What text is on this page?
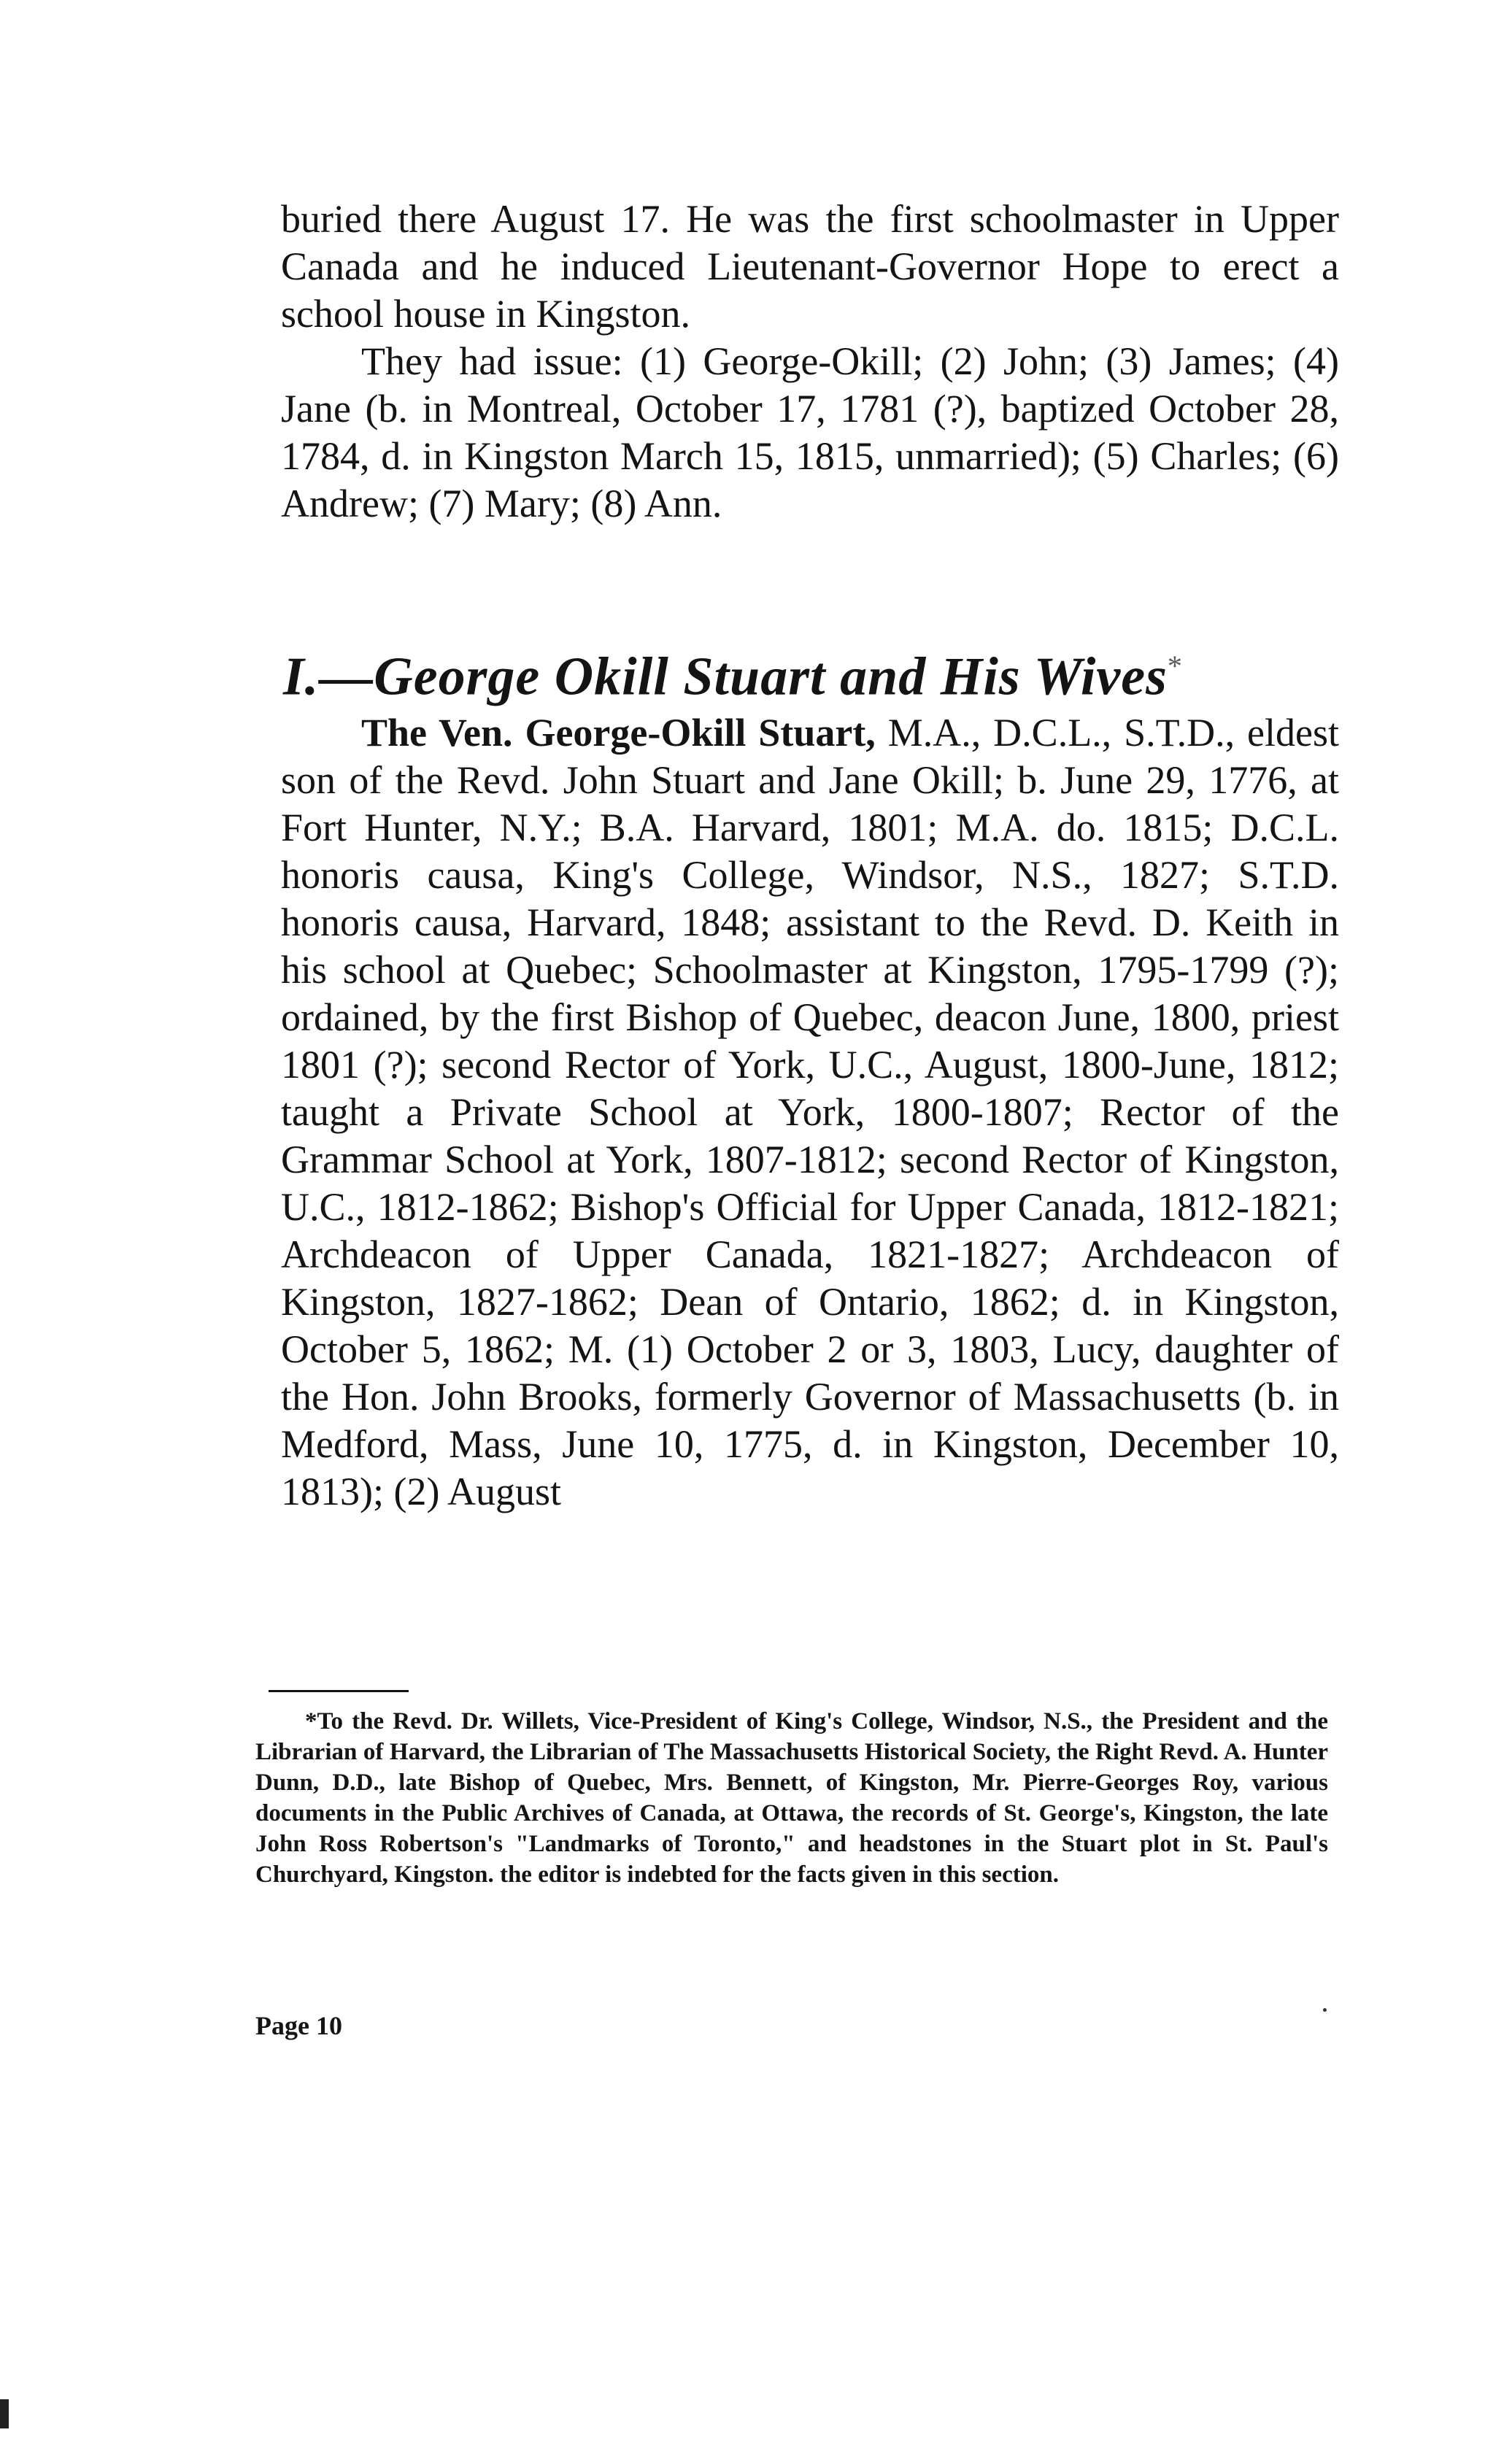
buried there August 17. He was the first schoolmaster in Upper Canada and he induced Lieutenant-Governor Hope to erect a school house in Kingston.

They had issue: (1) George-Okill; (2) John; (3) James; (4) Jane (b. in Montreal, October 17, 1781 (?), baptized October 28, 1784, d. in Kingston March 15, 1815, unmarried); (5) Charles; (6) Andrew; (7) Mary; (8) Ann.

I.—George Okill Stuart and His Wives*

The Ven. George-Okill Stuart, M.A., D.C.L., S.T.D., eldest son of the Revd. John Stuart and Jane Okill; b. June 29, 1776, at Fort Hunter, N.Y.; B.A. Harvard, 1801; M.A. do. 1815; D.C.L. honoris causa, King's College, Windsor, N.S., 1827; S.T.D. honoris causa, Harvard, 1848; assistant to the Revd. D. Keith in his school at Quebec; Schoolmaster at Kingston, 1795-1799 (?); ordained, by the first Bishop of Quebec, deacon June, 1800, priest 1801 (?); second Rector of York, U.C., August, 1800-June, 1812; taught a Private School at York, 1800-1807; Rector of the Grammar School at York, 1807-1812; second Rector of Kingston, U.C., 1812-1862; Bishop's Official for Upper Canada, 1812-1821; Archdeacon of Upper Canada, 1821-1827; Archdeacon of Kingston, 1827-1862; Dean of Ontario, 1862; d. in Kingston, October 5, 1862; M. (1) October 2 or 3, 1803, Lucy, daughter of the Hon. John Brooks, formerly Governor of Massachusetts (b. in Medford, Mass, June 10, 1775, d. in Kingston, December 10, 1813); (2) August

*To the Revd. Dr. Willets, Vice-President of King's College, Windsor, N.S., the President and the Librarian of Harvard, the Librarian of The Massachusetts Historical Society, the Right Revd. A. Hunter Dunn, D.D., late Bishop of Quebec, Mrs. Bennett, of Kingston, Mr. Pierre-Georges Roy, various documents in the Public Archives of Canada, at Ottawa, the records of St. George's, Kingston, the late John Ross Robertson's "Landmarks of Toronto," and headstones in the Stuart plot in St. Paul's Churchyard, Kingston. the editor is indebted for the facts given in this section.

Page 10
